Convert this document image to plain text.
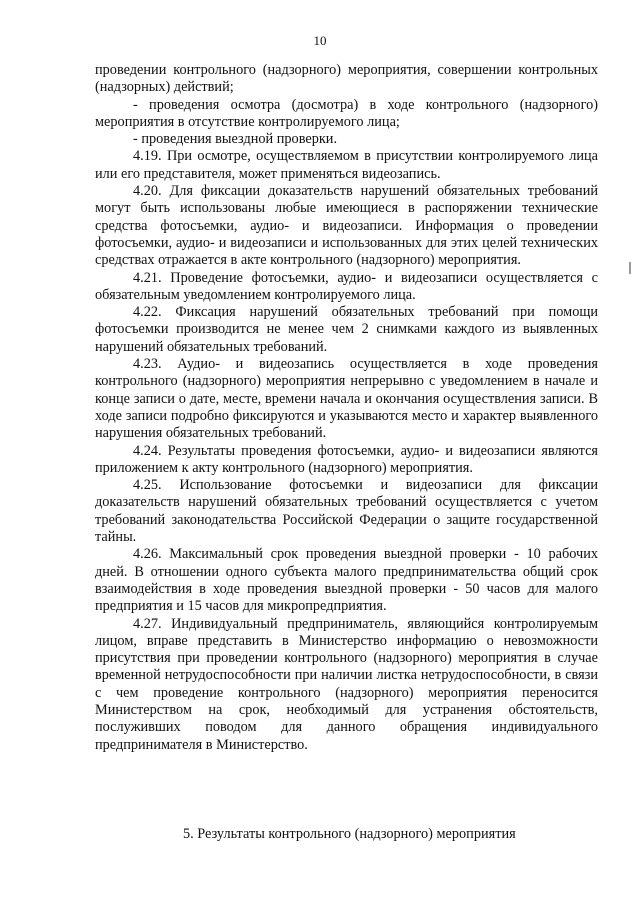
10

проведении контрольного (надзорного) мероприятия, совершении контрольных (надзорных) действий;

- проведения осмотра (досмотра) в ходе контрольного (надзорного) мероприятия в отсутствие контролируемого лица;

- проведения выездной проверки.

4.19. При осмотре, осуществляемом в присутствии контролируемого лица или его представителя, может применяться видеозапись.

4.20. Для фиксации доказательств нарушений обязательных требований могут быть использованы любые имеющиеся в распоряжении технические средства фотосъемки, аудио- и видеозаписи. Информация о проведении фотосъемки, аудио- и видеозаписи и использованных для этих целей технических средствах отражается в акте контрольного (надзорного) мероприятия.

4.21. Проведение фотосъемки, аудио- и видеозаписи осуществляется с обязательным уведомлением контролируемого лица.

4.22. Фиксация нарушений обязательных требований при помощи фотосъемки производится не менее чем 2 снимками каждого из выявленных нарушений обязательных требований.

4.23. Аудио- и видеозапись осуществляется в ходе проведения контрольного (надзорного) мероприятия непрерывно с уведомлением в начале и конце записи о дате, месте, времени начала и окончания осуществления записи. В ходе записи подробно фиксируются и указываются место и характер выявленного нарушения обязательных требований.

4.24. Результаты проведения фотосъемки, аудио- и видеозаписи являются приложением к акту контрольного (надзорного) мероприятия.

4.25. Использование фотосъемки и видеозаписи для фиксации доказательств нарушений обязательных требований осуществляется с учетом требований законодательства Российской Федерации о защите государственной тайны.

4.26. Максимальный срок проведения выездной проверки - 10 рабочих дней. В отношении одного субъекта малого предпринимательства общий срок взаимодействия в ходе проведения выездной проверки - 50 часов для малого предприятия и 15 часов для микропредприятия.

4.27. Индивидуальный предприниматель, являющийся контролируемым лицом, вправе представить в Министерство информацию о невозможности присутствия при проведении контрольного (надзорного) мероприятия в случае временной нетрудоспособности при наличии листка нетрудоспособности, в связи с чем проведение контрольного (надзорного) мероприятия переносится Министерством на срок, необходимый для устранения обстоятельств, послуживших поводом для данного обращения индивидуального предпринимателя в Министерство.

5. Результаты контрольного (надзорного) мероприятия
